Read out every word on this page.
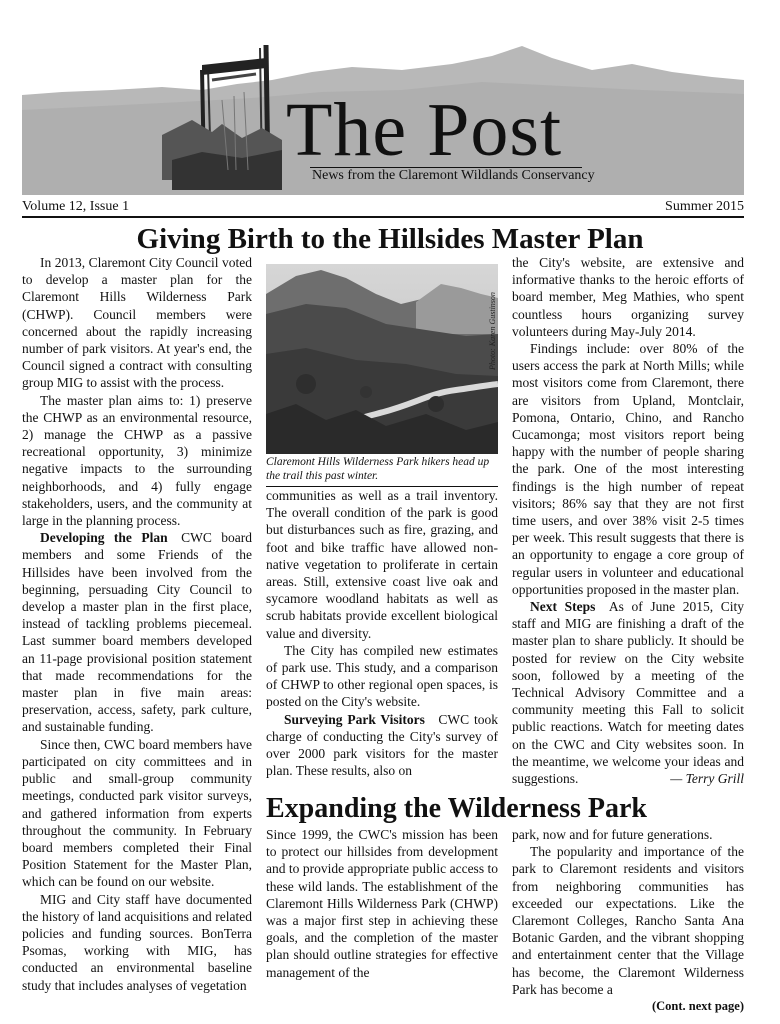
The Post
News from the Claremont Wildlands Conservancy
Volume 12, Issue 1	Summer 2015
Giving Birth to the Hillsides Master Plan

In 2013, Claremont City Council voted to develop a master plan for the Claremont Hills Wilderness Park (CHWP). Council members were concerned about the rapidly increasing number of park visitors. At year's end, the Council signed a contract with consulting group MIG to assist with the process.

The master plan aims to: 1) preserve the CHWP as an environmental resource, 2) manage the CHWP as a passive recreational opportunity, 3) minimize negative impacts to the surrounding neighborhoods, and 4) fully engage stakeholders, users, and the community at large in the planning process.

Developing the Plan  CWC board members and some Friends of the Hillsides have been involved from the beginning, persuading City Council to develop a master plan in the first place, instead of tackling problems piecemeal. Last summer board members developed an 11-page provisional position statement that made recommendations for the master plan in five main areas: preservation, access, safety, park culture, and sustainable funding.

Since then, CWC board members have participated on city committees and in public and small-group community meetings, conducted park visitor surveys, and gathered information from experts throughout the community. In February board members completed their Final Position Statement for the Master Plan, which can be found on our website.

MIG and City staff have documented the history of land acquisitions and related policies and funding sources. BonTerra Psomas, working with MIG, has conducted an environmental baseline study that includes analyses of vegetation

Photo: Karen Gustinson
Claremont Hills Wilderness Park hikers head up the trail this past winter.

communities as well as a trail inventory. The overall condition of the park is good but disturbances such as fire, grazing, and foot and bike traffic have allowed non-native vegetation to proliferate in certain areas. Still, extensive coast live oak and sycamore woodland habitats as well as scrub habitats provide excellent biological value and diversity.

The City has compiled new estimates of park use. This study, and a comparison of CHWP to other regional open spaces, is posted on the City's website.

Surveying Park Visitors  CWC took charge of conducting the City's survey of over 2000 park visitors for the master plan. These results, also on

the City's website, are extensive and informative thanks to the heroic efforts of board member, Meg Mathies, who spent countless hours organizing survey volunteers during May-July 2014.

Findings include: over 80% of the users access the park at North Mills; while most visitors come from Claremont, there are visitors from Upland, Montclair, Pomona, Ontario, Chino, and Rancho Cucamonga; most visitors report being happy with the number of people sharing the park. One of the most interesting findings is the high number of repeat visitors; 86% say that they are not first time users, and over 38% visit 2-5 times per week. This result suggests that there is an opportunity to engage a core group of regular users in volunteer and educational opportunities proposed in the master plan.

Next Steps  As of June 2015, City staff and MIG are finishing a draft of the master plan to share publicly. It should be posted for review on the City website soon, followed by a meeting of the Technical Advisory Committee and a community meeting this Fall to solicit public reactions. Watch for meeting dates on the CWC and City websites soon. In the meantime, we welcome your ideas and suggestions.	— Terry Grill

Expanding the Wilderness Park

Since 1999, the CWC's mission has been to protect our hillsides from development and to provide appropriate public access to these wild lands. The establishment of the Claremont Hills Wilderness Park (CHWP) was a major first step in achieving these goals, and the completion of the master plan should outline strategies for effective management of the

park, now and for future generations.

The popularity and importance of the park to Claremont residents and visitors from neighboring communities has exceeded our expectations. Like the Claremont Colleges, Rancho Santa Ana Botanic Garden, and the vibrant shopping and entertainment center that the Village has become, the Claremont Wilderness Park has become a

(Cont. next page)
